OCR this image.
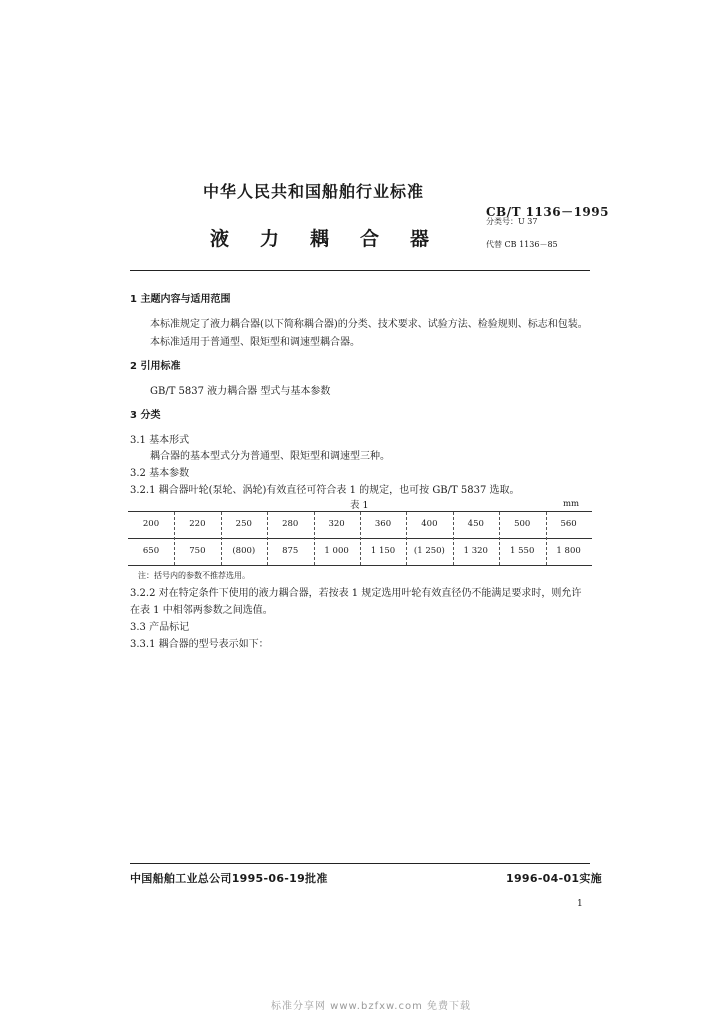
中华人民共和国船舶行业标准
液力耦合器
CB/T 1136－1995
分类号：U 37
代替 CB 1136－85
1 主题内容与适用范围
本标准规定了液力耦合器(以下简称耦合器)的分类、技术要求、试验方法、检验规则、标志和包装。
本标准适用于普通型、限矩型和调速型耦合器。
2 引用标准
GB/T 5837 液力耦合器 型式与基本参数
3 分类
3.1 基本形式
耦合器的基本型式分为普通型、限矩型和调速型三种。
3.2 基本参数
3.2.1 耦合器叶轮(泵轮、涡轮)有效直径可符合表 1 的规定，也可按 GB/T 5837 选取。
表 1	mm
200	220	250	280	320	360	400	450	500	560
650	750	(800)	875	1 000	1 150	(1 250)	1 320	1 550	1 800
注：括号内的参数不推荐选用。
3.2.2 对在特定条件下使用的液力耦合器，若按表 1 规定选用叶轮有效直径仍不能满足要求时，则允许
在表 1 中相邻两参数之间选值。
3.3 产品标记
3.3.1 耦合器的型号表示如下：
中国船舶工业总公司1995-06-19批准	1996-04-01实施
1
标准分享网 www.bzfxw.com 免费下载
